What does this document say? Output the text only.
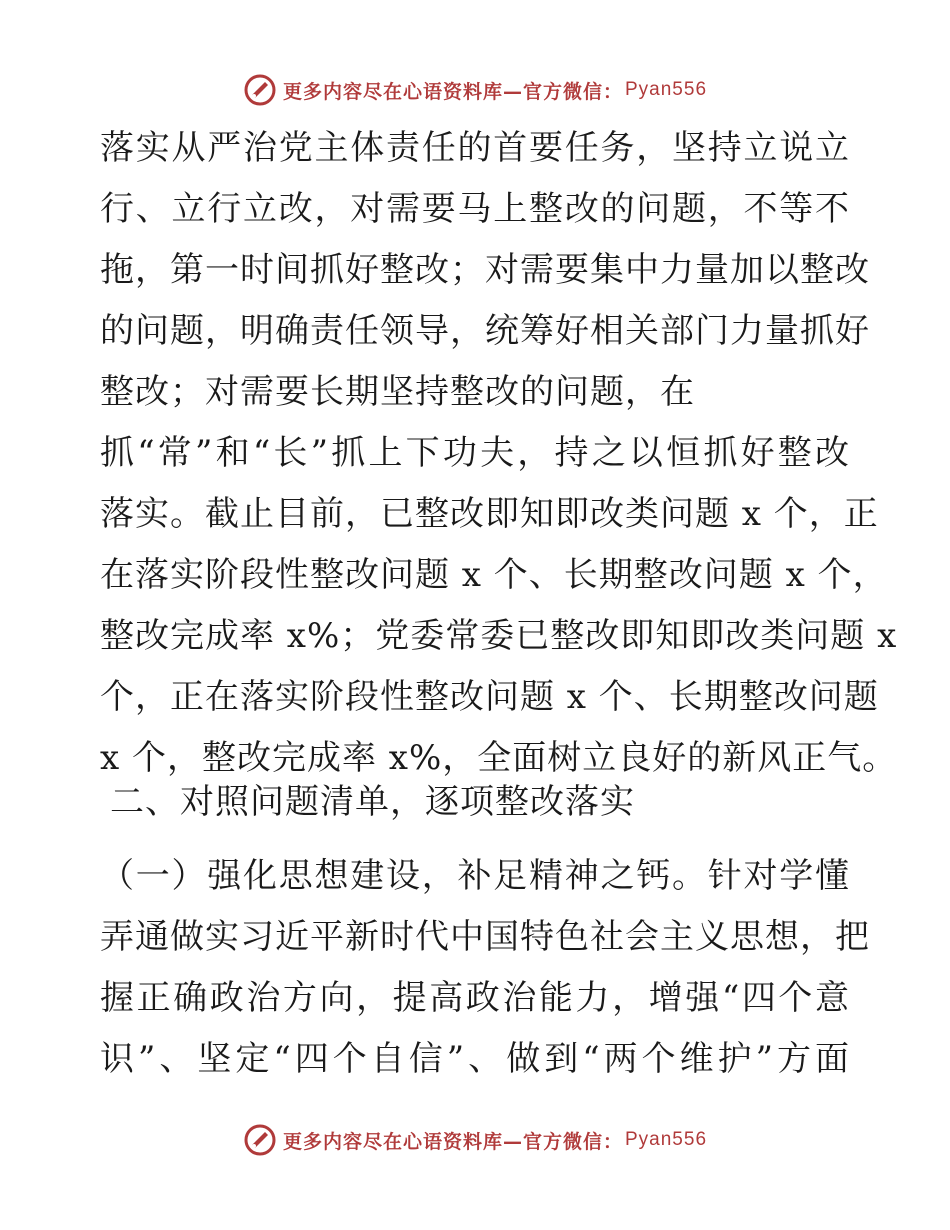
更多内容尽在心语资料库—官方微信： Pyan556
落实从严治党主体责任的首要任务，坚持立说立
行、立行立改，对需要马上整改的问题，不等不
拖，第一时间抓好整改；对需要集中力量加以整改
的问题，明确责任领导，统筹好相关部门力量抓好
整改；对需要长期坚持整改的问题，在
抓“常”和“长”抓上下功夫，持之以恒抓好整改
落实。截止目前，已整改即知即改类问题 x 个，正
在落实阶段性整改问题 x 个、长期整改问题 x 个，
整改完成率 x%；党委常委已整改即知即改类问题 x
个，正在落实阶段性整改问题 x 个、长期整改问题
x 个，整改完成率 x%，全面树立良好的新风正气。
二、对照问题清单，逐项整改落实
（一）强化思想建设，补足精神之钙。针对学懂
弄通做实习近平新时代中国特色社会主义思想，把
握正确政治方向，提高政治能力，增强“四个意
识”、坚定“四个自信”、做到“两个维护”方面
更多内容尽在心语资料库—官方微信： Pyan556
